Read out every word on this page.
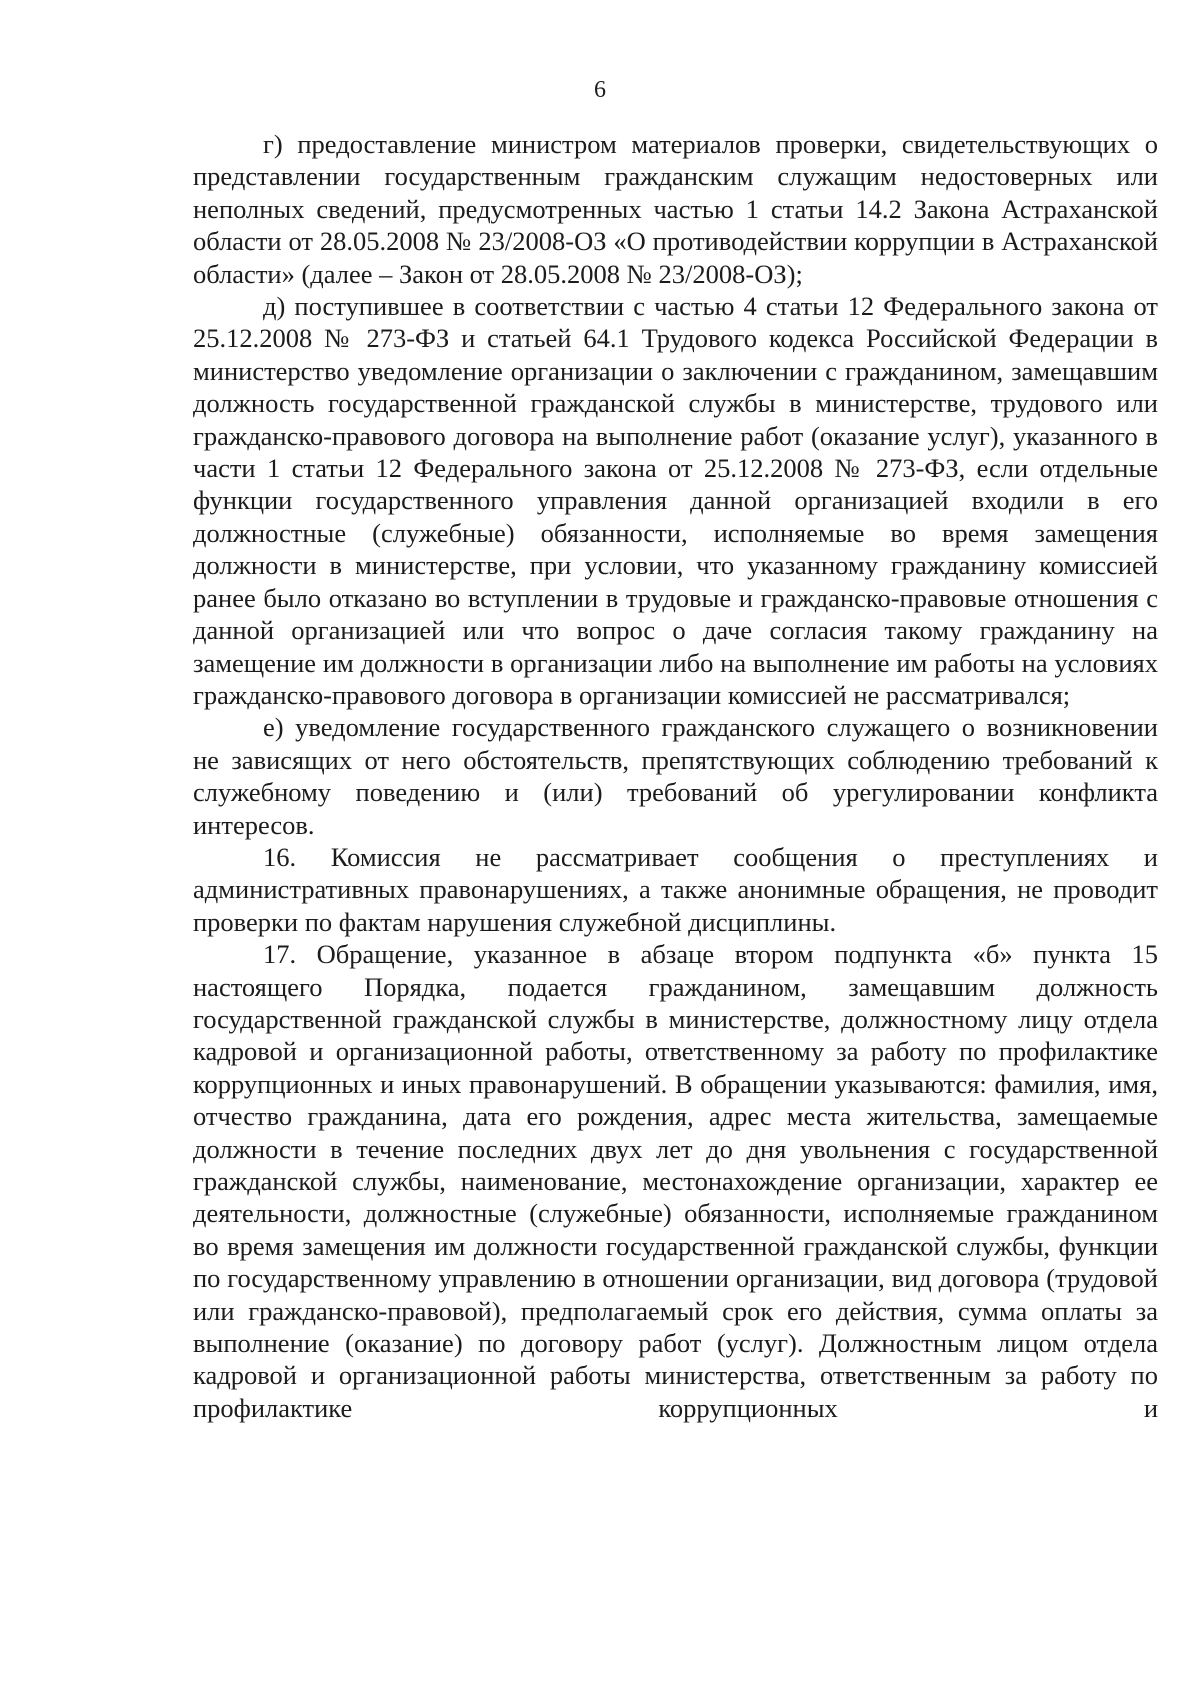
6

г) предоставление министром материалов проверки, свидетельствующих о представлении государственным гражданским служащим недостоверных или неполных сведений, предусмотренных частью 1 статьи 14.2 Закона Астраханской области от 28.05.2008 № 23/2008-ОЗ «О противодействии коррупции в Астраханской области» (далее – Закон от 28.05.2008 № 23/2008-ОЗ);

д) поступившее в соответствии с частью 4 статьи 12 Федерального закона от 25.12.2008 № 273-ФЗ и статьей 64.1 Трудового кодекса Российской Федерации в министерство уведомление организации о заключении с гражданином, замещавшим должность государственной гражданской службы в министерстве, трудового или гражданско-правового договора на выполнение работ (оказание услуг), указанного в части 1 статьи 12 Федерального закона от 25.12.2008 № 273-ФЗ, если отдельные функции государственного управления данной организацией входили в его должностные (служебные) обязанности, исполняемые во время замещения должности в министерстве, при условии, что указанному гражданину комиссией ранее было отказано во вступлении в трудовые и гражданско-правовые отношения с данной организацией или что вопрос о даче согласия такому гражданину на замещение им должности в организации либо на выполнение им работы на условиях гражданско-правового договора в организации комиссией не рассматривался;

е) уведомление государственного гражданского служащего о возникновении не зависящих от него обстоятельств, препятствующих соблюдению требований к служебному поведению и (или) требований об урегулировании конфликта интересов.

16. Комиссия не рассматривает сообщения о преступлениях и административных правонарушениях, а также анонимные обращения, не проводит проверки по фактам нарушения служебной дисциплины.

17. Обращение, указанное в абзаце втором подпункта «б» пункта 15 настоящего Порядка, подается гражданином, замещавшим должность государственной гражданской службы в министерстве, должностному лицу отдела кадровой и организационной работы, ответственному за работу по профилактике коррупционных и иных правонарушений. В обращении указываются: фамилия, имя, отчество гражданина, дата его рождения, адрес места жительства, замещаемые должности в течение последних двух лет до дня увольнения с государственной гражданской службы, наименование, местонахождение организации, характер ее деятельности, должностные (служебные) обязанности, исполняемые гражданином во время замещения им должности государственной гражданской службы, функции по государственному управлению в отношении организации, вид договора (трудовой или гражданско-правовой), предполагаемый срок его действия, сумма оплаты за выполнение (оказание) по договору работ (услуг). Должностным лицом отдела кадровой и организационной работы министерства, ответственным за работу по профилактике коррупционных и
